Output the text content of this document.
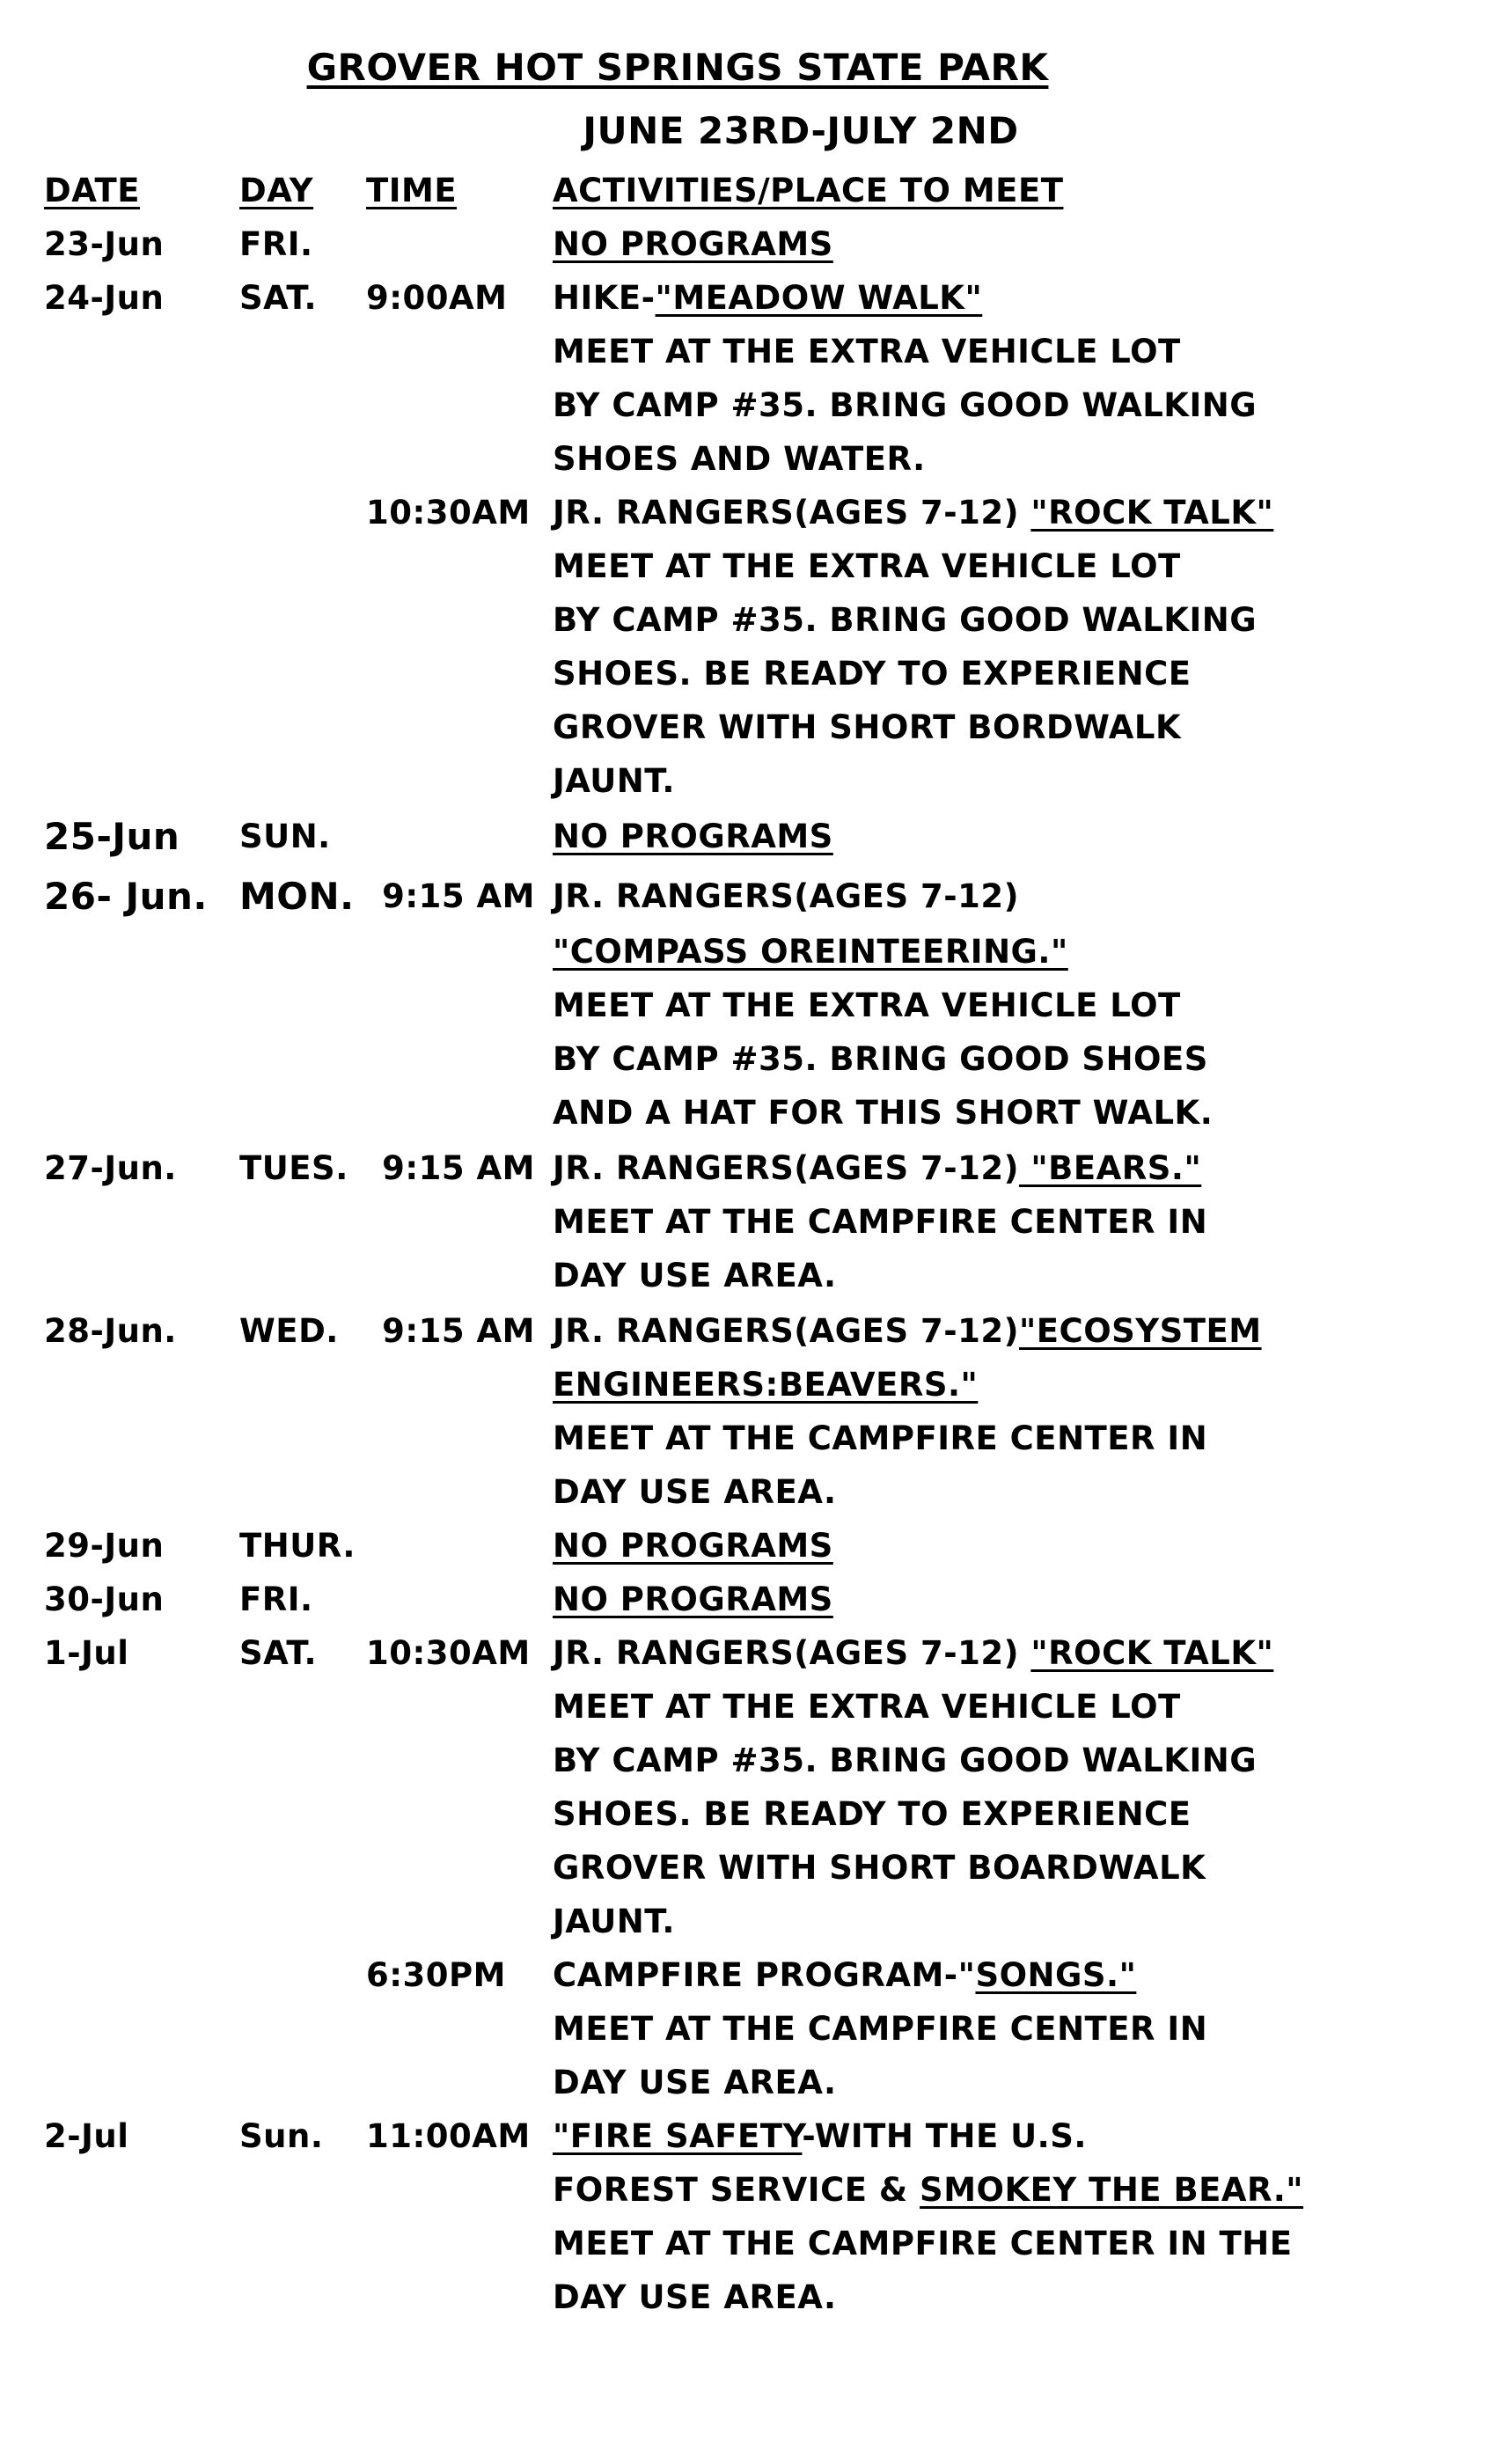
GROVER HOT SPRINGS STATE PARK
JUNE 23RD-JULY 2ND
DATE	DAY TIME	ACTIVITIES/PLACE TO MEET
23-Jun FRI.	NO PROGRAMS
24-Jun SAT. 9:00AM HIKE-"MEADOW WALK"
MEET AT THE EXTRA VEHICLE LOT
BY CAMP #35. BRING GOOD WALKING
SHOES AND WATER.
10:30AM JR. RANGERS(AGES 7-12) "ROCK TALK"
MEET AT THE EXTRA VEHICLE LOT
BY CAMP #35. BRING GOOD WALKING
SHOES. BE READY TO EXPERIENCE
GROVER WITH SHORT BORDWALK
JAUNT.
25-Jun SUN.	NO PROGRAMS
26- Jun. MON. 9:15 AM JR. RANGERS(AGES 7-12)
"COMPASS OREINTEERING."
MEET AT THE EXTRA VEHICLE LOT
BY CAMP #35. BRING GOOD SHOES
AND A HAT FOR THIS SHORT WALK.
27-Jun. TUES. 9:15 AM JR. RANGERS(AGES 7-12) "BEARS."
MEET AT THE CAMPFIRE CENTER IN
DAY USE AREA.
28-Jun. WED. 9:15 AM JR. RANGERS(AGES 7-12)"ECOSYSTEM
ENGINEERS:BEAVERS."
MEET AT THE CAMPFIRE CENTER IN
DAY USE AREA.
29-Jun THUR.	NO PROGRAMS
30-Jun FRI.	NO PROGRAMS
1-Jul	SAT. 10:30AM JR. RANGERS(AGES 7-12) "ROCK TALK"
MEET AT THE EXTRA VEHICLE LOT
BY CAMP #35. BRING GOOD WALKING
SHOES. BE READY TO EXPERIENCE
GROVER WITH SHORT BOARDWALK
JAUNT.
6:30PM CAMPFIRE PROGRAM-"SONGS."
MEET AT THE CAMPFIRE CENTER IN
DAY USE AREA.
2-Jul	Sun. 11:00AM "FIRE SAFETY-WITH THE U.S.
FOREST SERVICE & SMOKEY THE BEAR."
MEET AT THE CAMPFIRE CENTER IN THE
DAY USE AREA.
